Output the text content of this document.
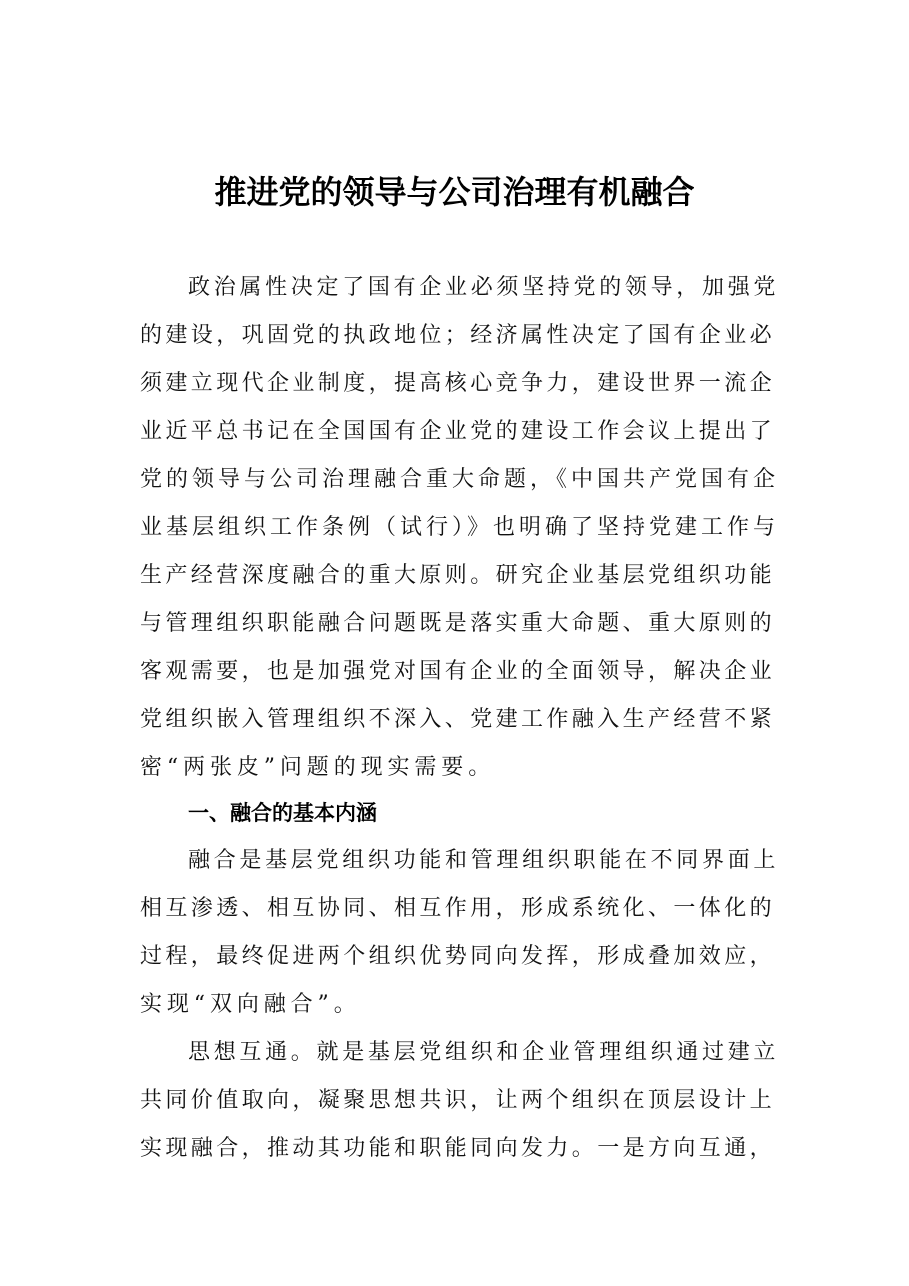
推进党的领导与公司治理有机融合
政治属性决定了国有企业必须坚持党的领导，加强党
的建设，巩固党的执政地位；经济属性决定了国有企业必
须建立现代企业制度，提高核心竞争力，建设世界一流企
业近平总书记在全国国有企业党的建设工作会议上提出了
党的领导与公司治理融合重大命题，《中国共产党国有企
业基层组织工作条例（试行）》也明确了坚持党建工作与
生产经营深度融合的重大原则。研究企业基层党组织功能
与管理组织职能融合问题既是落实重大命题、重大原则的
客观需要，也是加强党对国有企业的全面领导，解决企业
党组织嵌入管理组织不深入、党建工作融入生产经营不紧
密“两张皮”问题的现实需要。
一、融合的基本内涵
融合是基层党组织功能和管理组织职能在不同界面上
相互渗透、相互协同、相互作用，形成系统化、一体化的
过程，最终促进两个组织优势同向发挥，形成叠加效应，
实现“双向融合”。
思想互通。就是基层党组织和企业管理组织通过建立
共同价值取向，凝聚思想共识，让两个组织在顶层设计上
实现融合，推动其功能和职能同向发力。一是方向互通，
